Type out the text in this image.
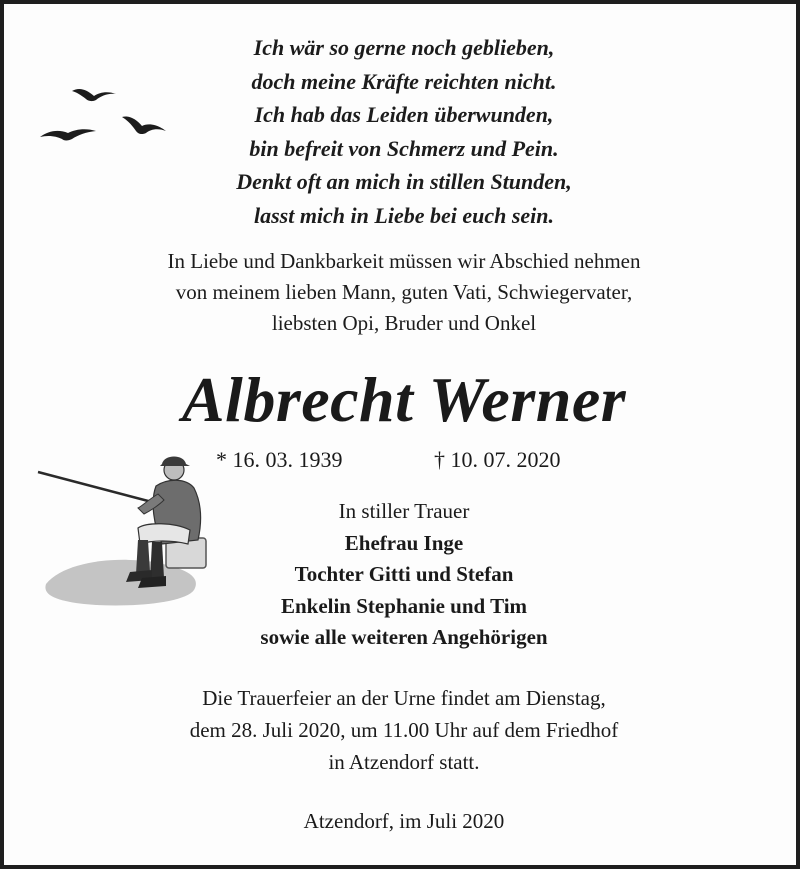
Ich wär so gerne noch geblieben,
doch meine Kräfte reichten nicht.
Ich hab das Leiden überwunden,
bin befreit von Schmerz und Pein.
Denkt oft an mich in stillen Stunden,
lasst mich in Liebe bei euch sein.
In Liebe und Dankbarkeit müssen wir Abschied nehmen
von meinem lieben Mann, guten Vati, Schwiegervater,
liebsten Opi, Bruder und Onkel
Albrecht Werner
* 16. 03. 1939	† 10. 07. 2020
In stiller Trauer
Ehefrau Inge
Tochter Gitti und Stefan
Enkelin Stephanie und Tim
sowie alle weiteren Angehörigen
Die Trauerfeier an der Urne findet am Dienstag,
dem 28. Juli 2020, um 11.00 Uhr auf dem Friedhof
in Atzendorf statt.
Atzendorf, im Juli 2020
